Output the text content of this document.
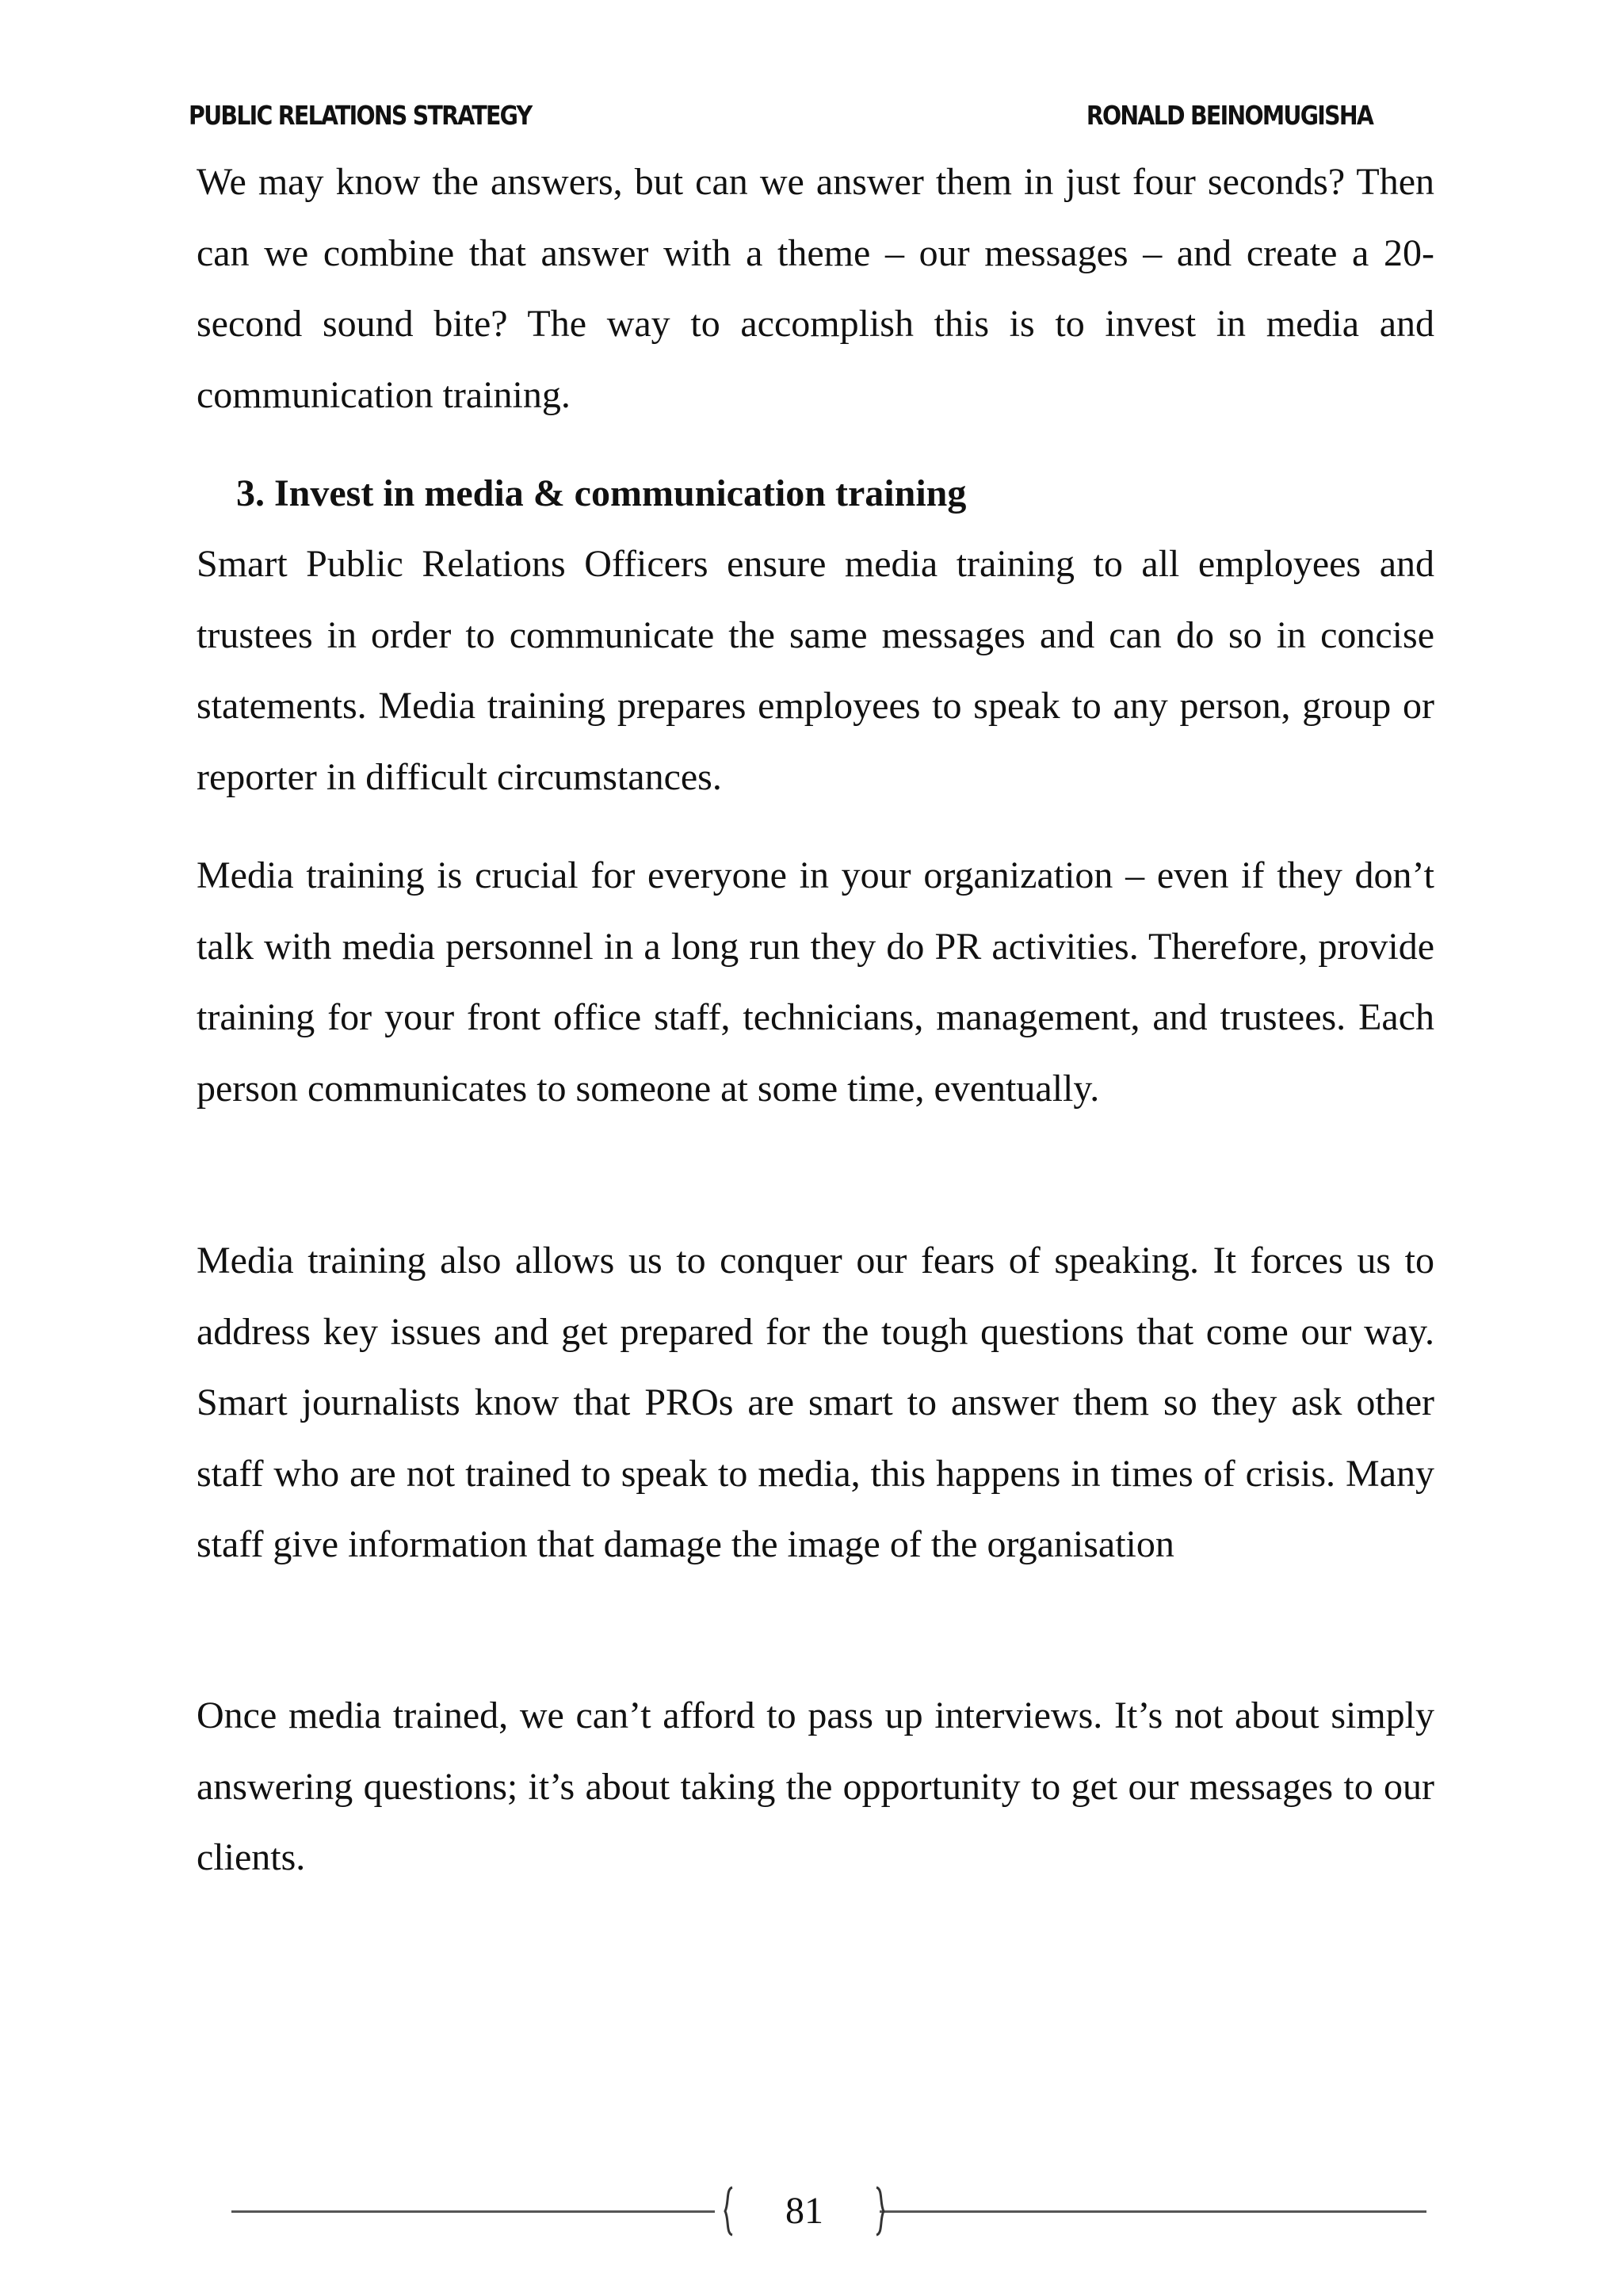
PUBLIC RELATIONS STRATEGY	RONALD BEINOMUGISHA

We may know the answers, but can we answer them in just four seconds? Then can we combine that answer with a theme – our messages – and create a 20-second sound bite? The way to accomplish this is to invest in media and communication training.

3. Invest in media & communication training

Smart Public Relations Officers ensure media training to all employees and trustees in order to communicate the same messages and can do so in concise statements. Media training prepares employees to speak to any person, group or reporter in difficult circumstances.

Media training is crucial for everyone in your organization – even if they don’t talk with media personnel in a long run they do PR activities. Therefore, provide training for your front office staff, technicians, management, and trustees. Each person communicates to someone at some time, eventually.

Media training also allows us to conquer our fears of speaking. It forces us to address key issues and get prepared for the tough questions that come our way. Smart journalists know that PROs are smart to answer them so they ask other staff who are not trained to speak to media, this happens in times of crisis. Many staff give information that damage the image of the organisation

Once media trained, we can’t afford to pass up interviews. It’s not about simply answering questions; it’s about taking the opportunity to get our messages to our clients.

81
